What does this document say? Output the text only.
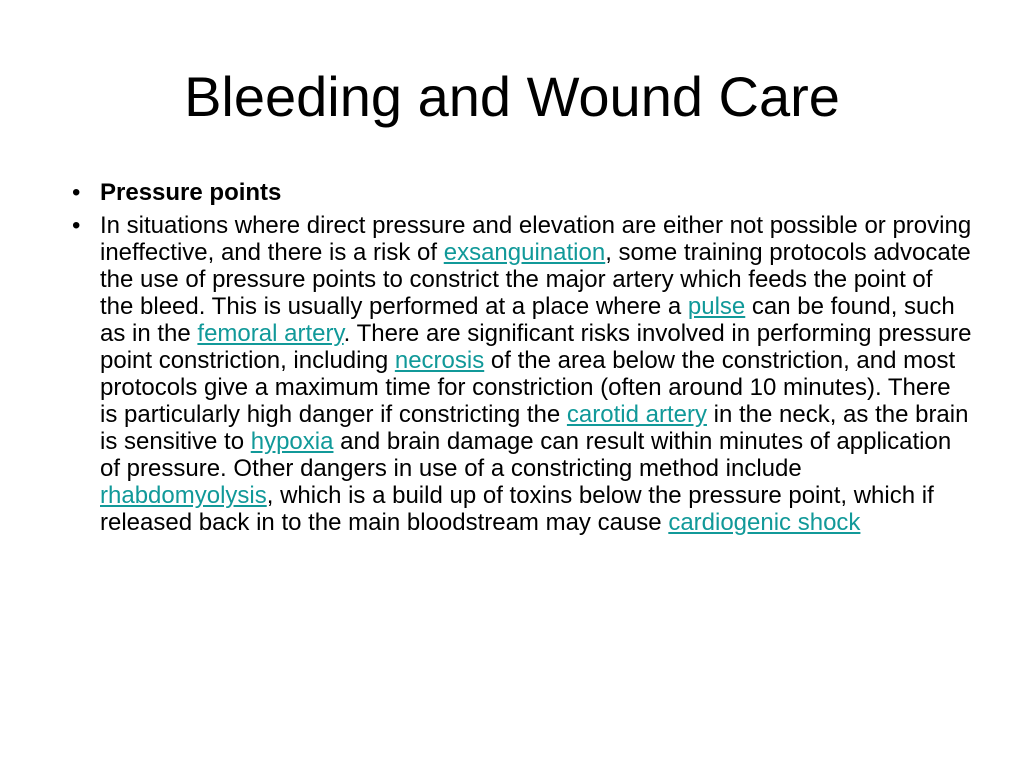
Bleeding and Wound Care
• Pressure points
• In situations where direct pressure and elevation are either not possible or proving ineffective, and there is a risk of exsanguination, some training protocols advocate the use of pressure points to constrict the major artery which feeds the point of the bleed. This is usually performed at a place where a pulse can be found, such as in the femoral artery. There are significant risks involved in performing pressure point constriction, including necrosis of the area below the constriction, and most protocols give a maximum time for constriction (often around 10 minutes). There is particularly high danger if constricting the carotid artery in the neck, as the brain is sensitive to hypoxia and brain damage can result within minutes of application of pressure. Other dangers in use of a constricting method include rhabdomyolysis, which is a build up of toxins below the pressure point, which if released back in to the main bloodstream may cause cardiogenic shock
